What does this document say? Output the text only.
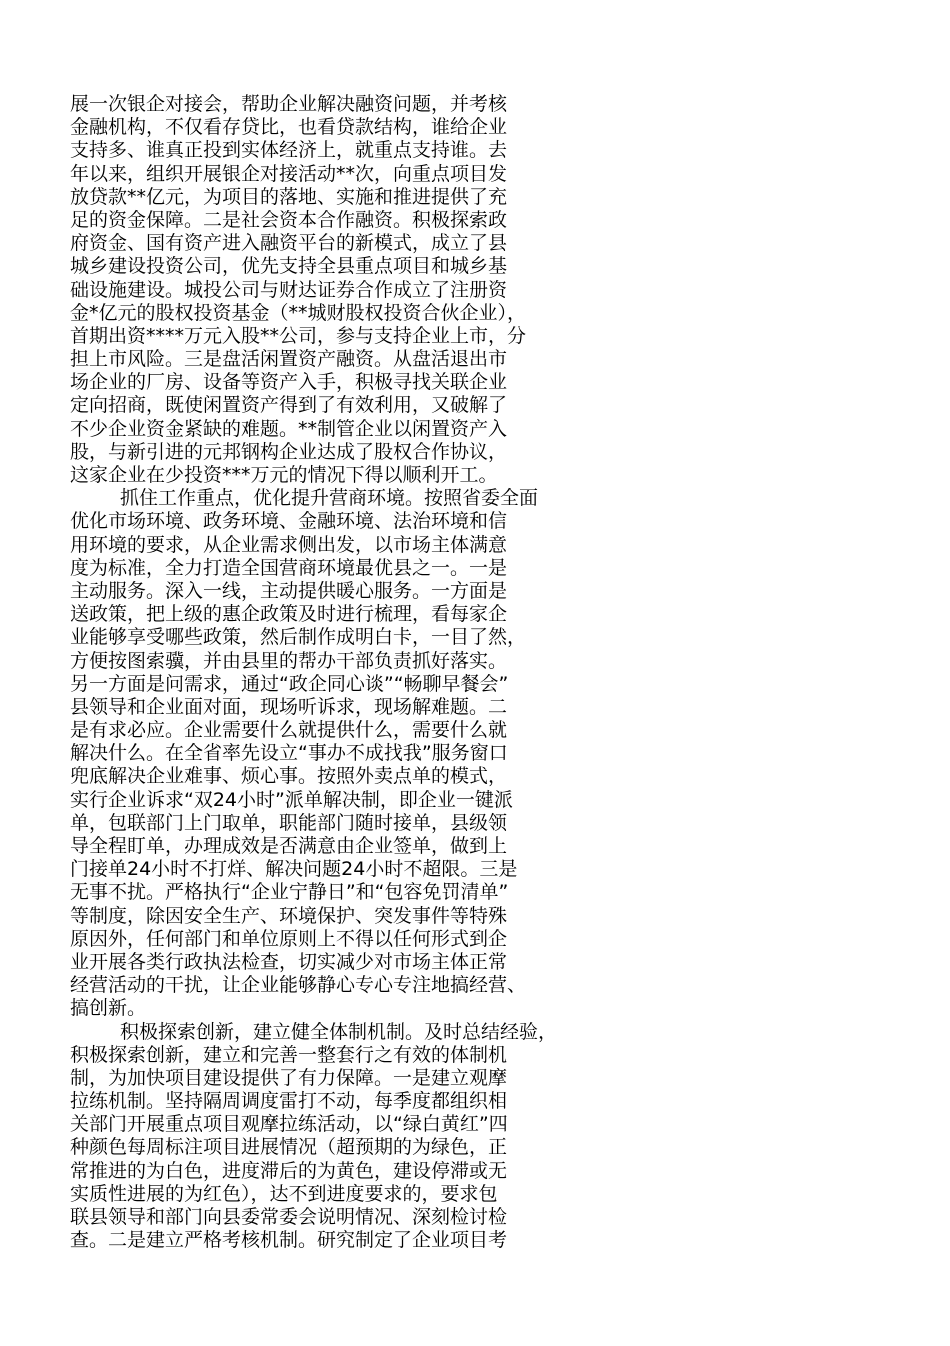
展一次银企对接会，帮助企业解决融资问题，并考核
金融机构，不仅看存贷比，也看贷款结构，谁给企业
支持多、谁真正投到实体经济上，就重点支持谁。去
年以来，组织开展银企对接活动**次，向重点项目发
放贷款**亿元，为项目的落地、实施和推进提供了充
足的资金保障。二是社会资本合作融资。积极探索政
府资金、国有资产进入融资平台的新模式，成立了县
城乡建设投资公司，优先支持全县重点项目和城乡基
础设施建设。城投公司与财达证券合作成立了注册资
金*亿元的股权投资基金（**城财股权投资合伙企业），
首期出资****万元入股**公司，参与支持企业上市，分
担上市风险。三是盘活闲置资产融资。从盘活退出市
场企业的厂房、设备等资产入手，积极寻找关联企业
定向招商，既使闲置资产得到了有效利用，又破解了
不少企业资金紧缺的难题。**制管企业以闲置资产入
股，与新引进的元邦钢构企业达成了股权合作协议，
这家企业在少投资***万元的情况下得以顺利开工。
抓住工作重点，优化提升营商环境。按照省委全面
优化市场环境、政务环境、金融环境、法治环境和信
用环境的要求，从企业需求侧出发，以市场主体满意
度为标准，全力打造全国营商环境最优县之一。一是
主动服务。深入一线，主动提供暖心服务。一方面是
送政策，把上级的惠企政策及时进行梳理，看每家企
业能够享受哪些政策，然后制作成明白卡，一目了然，
方便按图索骥，并由县里的帮办干部负责抓好落实。
另一方面是问需求，通过“政企同心谈”“畅聊早餐会”
县领导和企业面对面，现场听诉求，现场解难题。二
是有求必应。企业需要什么就提供什么，需要什么就
解决什么。在全省率先设立“事办不成找我”服务窗口
兜底解决企业难事、烦心事。按照外卖点单的模式，
实行企业诉求“双24小时”派单解决制，即企业一键派
单，包联部门上门取单，职能部门随时接单，县级领
导全程盯单，办理成效是否满意由企业签单，做到上
门接单24小时不打烊、解决问题24小时不超限。三是
无事不扰。严格执行“企业宁静日”和“包容免罚清单”
等制度，除因安全生产、环境保护、突发事件等特殊
原因外，任何部门和单位原则上不得以任何形式到企
业开展各类行政执法检查，切实减少对市场主体正常
经营活动的干扰，让企业能够静心专心专注地搞经营、
搞创新。
积极探索创新，建立健全体制机制。及时总结经验，
积极探索创新，建立和完善一整套行之有效的体制机
制，为加快项目建设提供了有力保障。一是建立观摩
拉练机制。坚持隔周调度雷打不动，每季度都组织相
关部门开展重点项目观摩拉练活动，以“绿白黄红”四
种颜色每周标注项目进展情况（超预期的为绿色，正
常推进的为白色，进度滞后的为黄色，建设停滞或无
实质性进展的为红色），达不到进度要求的，要求包
联县领导和部门向县委常委会说明情况、深刻检讨检
查。二是建立严格考核机制。研究制定了企业项目考
